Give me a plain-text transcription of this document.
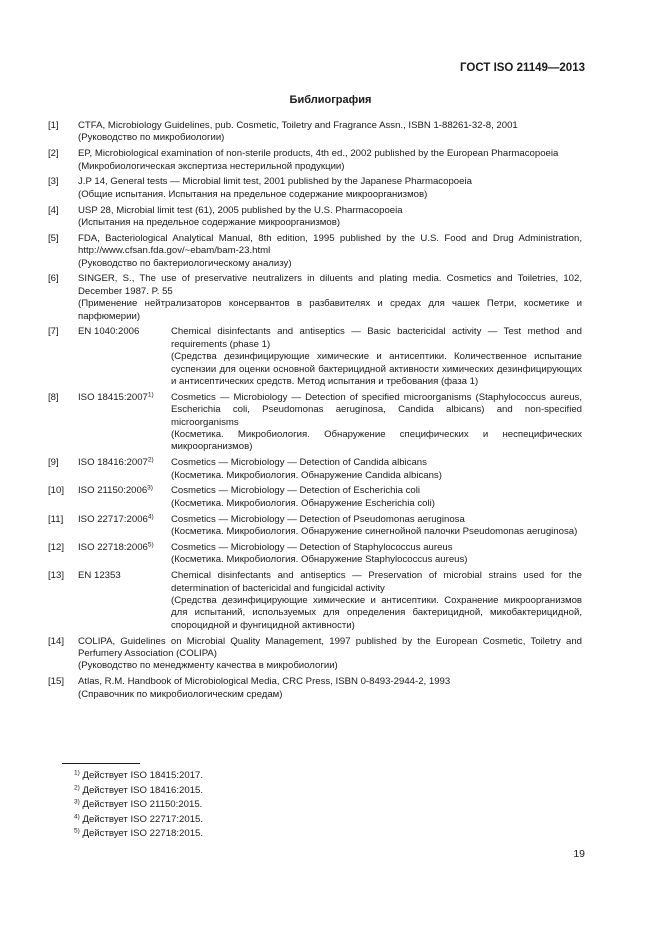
ГОСТ ISO 21149—2013
Библиография
[1] CTFA, Microbiology Guidelines, pub. Cosmetic, Toiletry and Fragrance Assn., ISBN 1-88261-32-8, 2001
(Руководство по микробиологии)
[2] EP, Microbiological examination of non-sterile products, 4th ed., 2002 published by the European Pharmacopoeia
(Микробиологическая экспертиза нестерильной продукции)
[3] J.P 14, General tests — Microbial limit test, 2001 published by the Japanese Pharmacopoeia
(Общие испытания. Испытания на предельное содержание микроорганизмов)
[4] USP 28, Microbial limit test (61), 2005 published by the U.S. Pharmacopoeia
(Испытания на предельное содержание микроорганизмов)
[5] FDA, Bacteriological Analytical Manual, 8th edition, 1995 published by the U.S. Food and Drug Administration, http://www.cfsan.fda.gov/~ebam/bam-23.html
(Руководство по бактериологическому анализу)
[6] SINGER, S., The use of preservative neutralizers in diluents and plating media. Cosmetics and Toiletries, 102, December 1987. P. 55
(Применение нейтрализаторов консервантов в разбавителях и средах для чашек Петри, косметике и парфюмерии)
[7] EN 1040:2006	Chemical disinfectants and antiseptics — Basic bactericidal activity — Test method and requirements (phase 1)
(Средства дезинфицирующие химические и антисептики. Количественное испытание суспензии для оценки основной бактерицидной активности химических дезинфицирующих и антисептических средств. Метод испытания и требования (фаза 1)
[8] ISO 18415:2007$^{1)}$ Cosmetics — Microbiology — Detection of specified microorganisms (Staphylococcus aureus, Escherichia coli, Pseudomonas aeruginosa, Candida albicans) and non-specified microorganisms
(Косметика. Микробиология. Обнаружение специфических и неспецифических микроорганизмов)
[9] ISO 18416:2007$^{2)}$ Cosmetics — Microbiology — Detection of Candida albicans
(Косметика. Микробиология. Обнаружение Candida albicans)
[10] ISO 21150:2006$^{3)}$ Cosmetics — Microbiology — Detection of Escherichia coli
(Косметика. Микробиология. Обнаружение Escherichia coli)
[11] ISO 22717:2006$^{4)}$ Cosmetics — Microbiology — Detection of Pseudomonas aeruginosa
(Косметика. Микробиология. Обнаружение синегнойной палочки Pseudomonas aeruginosa)
[12] ISO 22718:2006$^{5)}$ Cosmetics — Microbiology — Detection of Staphylococcus aureus
(Косметика. Микробиология. Обнаружение Staphylococcus aureus)
[13] EN 12353	Chemical disinfectants and antiseptics — Preservation of microbial strains used for the determination of bactericidal and fungicidal activity
(Средства дезинфицирующие химические и антисептики. Сохранение микроорганизмов для испытаний, используемых для определения бактерицидной, микобактерицидной, спороцидной и фунгицидной активности)
[14] COLIPA, Guidelines on Microbial Quality Management, 1997 published by the European Cosmetic, Toiletry and Perfumery Association (COLIPA)
(Руководство по менеджменту качества в микробиологии)
[15] Atlas, R.M. Handbook of Microbiological Media, CRC Press, ISBN 0-8493-2944-2, 1993
(Справочник по микробиологическим средам)
$^{1)}$ Действует ISO 18415:2017.
$^{2)}$ Действует ISO 18416:2015.
$^{3)}$ Действует ISO 21150:2015.
$^{4)}$ Действует ISO 22717:2015.
$^{5)}$ Действует ISO 22718:2015.
19
